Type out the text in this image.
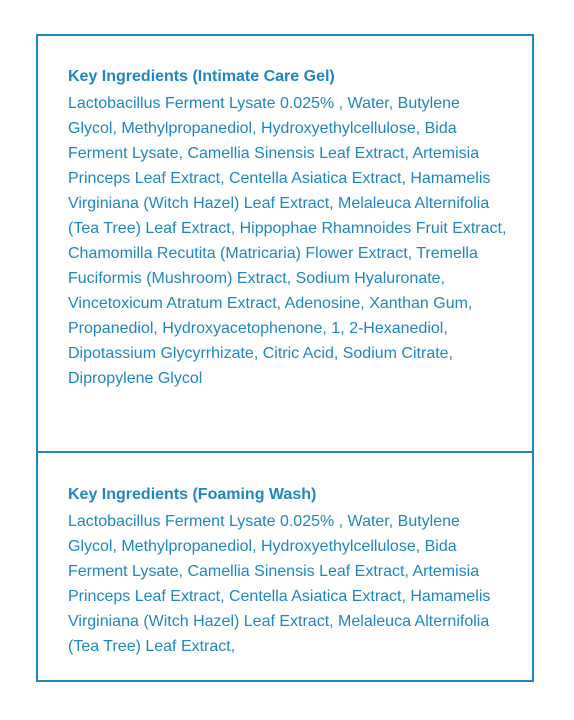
Key Ingredients (Intimate Care Gel)

Lactobacillus Ferment Lysate 0.025% , Water, Butylene Glycol, Methylpropanediol, Hydroxyethylcellulose, Bida Ferment Lysate, Camellia Sinensis Leaf Extract, Artemisia Princeps Leaf Extract, Centella Asiatica Extract, Hamamelis Virginiana (Witch Hazel) Leaf Extract, Melaleuca Alternifolia (Tea Tree) Leaf Extract, Hippophae Rhamnoides Fruit Extract, Chamomilla Recutita (Matricaria) Flower Extract, Tremella Fuciformis (Mushroom) Extract, Sodium Hyaluronate, Vincetoxicum Atratum Extract, Adenosine, Xanthan Gum, Propanediol, Hydroxyacetophenone, 1, 2-Hexanediol, Dipotassium Glycyrrhizate, Citric Acid, Sodium Citrate, Dipropylene Glycol

Key Ingredients (Foaming Wash)

Lactobacillus Ferment Lysate 0.025% , Water, Butylene Glycol, Methylpropanediol, Hydroxyethylcellulose, Bida Ferment Lysate, Camellia Sinensis Leaf Extract, Artemisia Princeps Leaf Extract, Centella Asiatica Extract, Hamamelis Virginiana (Witch Hazel) Leaf Extract, Melaleuca Alternifolia (Tea Tree) Leaf Extract,
